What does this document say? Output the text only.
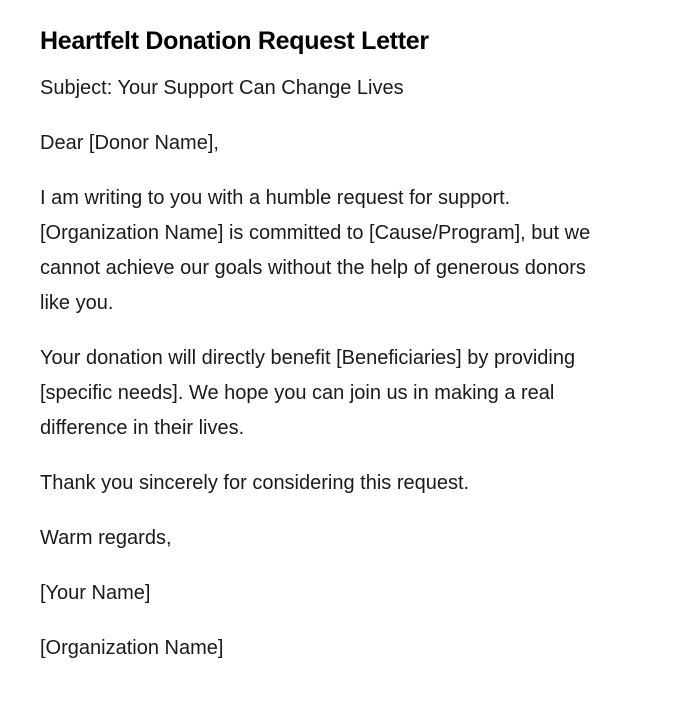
Heartfelt Donation Request Letter

Subject: Your Support Can Change Lives

Dear [Donor Name],

I am writing to you with a humble request for support.
[Organization Name] is committed to [Cause/Program], but we
cannot achieve our goals without the help of generous donors
like you.

Your donation will directly benefit [Beneficiaries] by providing
[specific needs]. We hope you can join us in making a real
difference in their lives.

Thank you sincerely for considering this request.

Warm regards,

[Your Name]

[Organization Name]
